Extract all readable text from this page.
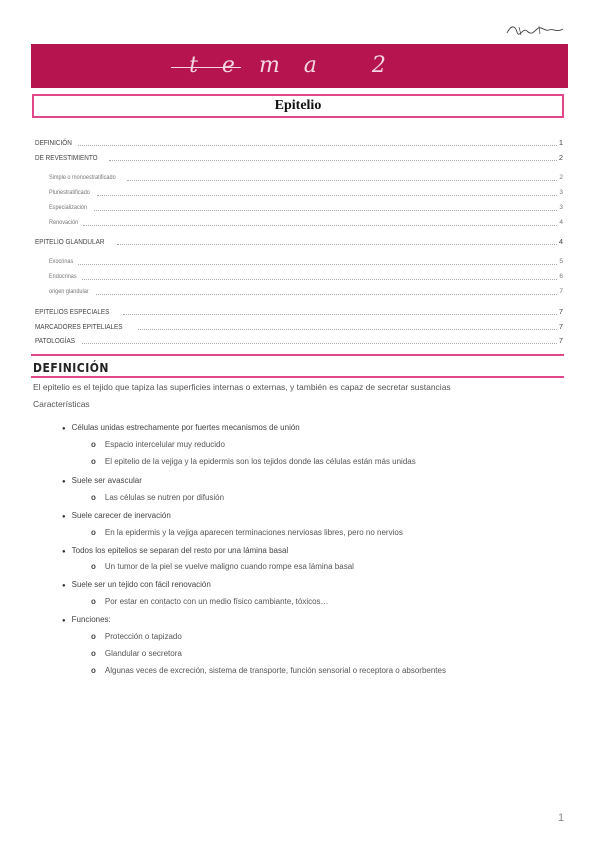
tema 2
Epitelio
DEFINICIÓN	1
DE REVESTIMIENTO	2
Simple o monoestratificado	2
Pluriestratificado	3
Especialización	3
Renovación	4
EPITELIO GLANDULAR	4
Exocrinas	5
Endocrinas	6
origen glandular	7
EPITELIOS ESPECIALES	7
MARCADORES EPITELIALES	7
PATOLOGÍAS	7
DEFINICIÓN
El epitelio es el tejido que tapiza las superficies internas o externas, y también es capaz de secretar sustancias
Características
● Células unidas estrechamente por fuertes mecanismos de unión
o Espacio intercelular muy reducido
o El epitelio de la vejiga y la epidermis son los tejidos donde las células están más unidas
● Suele ser avascular
o Las células se nutren por difusión
● Suele carecer de inervación
o En la epidermis y la vejiga aparecen terminaciones nerviosas libres, pero no nervios
● Todos los epitelios se separan del resto por una lámina basal
o Un tumor de la piel se vuelve maligno cuando rompe esa lámina basal
● Suele ser un tejido con fácil renovación
o Por estar en contacto con un medio físico cambiante, tóxicos…
● Funciones:
o Protección o tapizado
o Glandular o secretora
o Algunas veces de excreción, sistema de transporte, función sensorial o receptora o absorbentes
1
